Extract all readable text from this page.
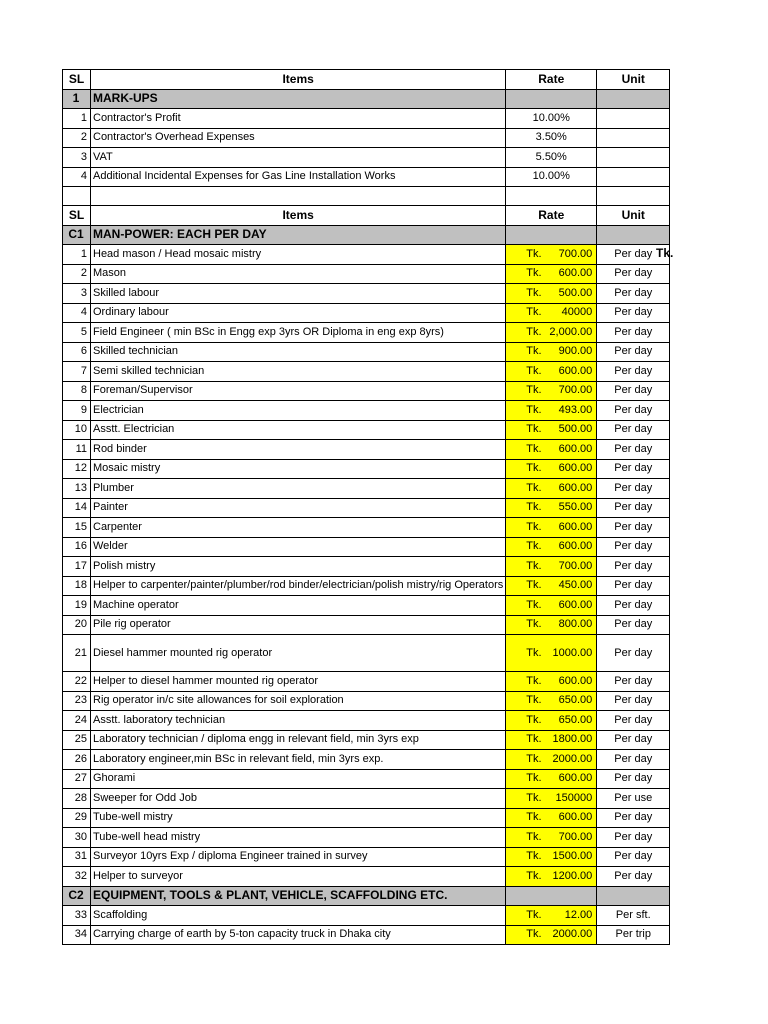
SL	Items	Rate	Unit
1	MARK-UPS		
1	Contractor's Profit	10.00%	
2	Contractor's Overhead Expenses	3.50%	
3	VAT	5.50%	
4	Additional Incidental Expenses for Gas Line Installation Works	10.00%	

SL	Items	Rate	Unit
C1	MAN-POWER: EACH PER DAY		
1	Head mason / Head mosaic mistry	Tk. 700.00	Per day
2	Mason	Tk. 600.00	Per day
3	Skilled labour	Tk. 500.00	Per day
4	Ordinary labour	Tk. 40000	Per day
5	Field Engineer ( min BSc in Engg exp 3yrs OR Diploma in eng exp 8yrs)	Tk. 2,000.00	Per day
6	Skilled technician	Tk. 900.00	Per day
7	Semi skilled technician	Tk. 600.00	Per day
8	Foreman/Supervisor	Tk. 700.00	Per day
9	Electrician	Tk. 493.00	Per day
10	Asstt. Electrician	Tk. 500.00	Per day
11	Rod binder	Tk. 600.00	Per day
12	Mosaic mistry	Tk. 600.00	Per day
13	Plumber	Tk. 600.00	Per day
14	Painter	Tk. 550.00	Per day
15	Carpenter	Tk. 600.00	Per day
16	Welder	Tk. 600.00	Per day
17	Polish mistry	Tk. 700.00	Per day
18	Helper to carpenter/painter/plumber/rod binder/electrician/polish mistry/rig Operators	Tk. 450.00	Per day
19	Machine operator	Tk. 600.00	Per day
20	Pile rig operator	Tk. 800.00	Per day
21	Diesel hammer mounted rig operator	Tk. 1000.00	Per day
22	Helper to diesel hammer mounted rig operator	Tk. 600.00	Per day
23	Rig operator in/c site allowances for soil exploration	Tk. 650.00	Per day
24	Asstt. laboratory technician	Tk. 650.00	Per day
25	Laboratory technician / diploma engg in relevant field, min 3yrs exp	Tk. 1800.00	Per day
26	Laboratory engineer,min BSc in relevant field, min 3yrs exp.	Tk. 2000.00	Per day
27	Ghorami	Tk. 600.00	Per day
28	Sweeper for Odd Job	Tk. 150000	Per use
29	Tube-well mistry	Tk. 600.00	Per day
30	Tube-well head mistry	Tk. 700.00	Per day
31	Surveyor 10yrs Exp / diploma Engineer trained in survey	Tk. 1500.00	Per day
32	Helper to surveyor	Tk. 1200.00	Per day
C2	EQUIPMENT, TOOLS & PLANT, VEHICLE, SCAFFOLDING ETC.		
33	Scaffolding	Tk. 12.00	Per sft.
34	Carrying charge of earth by 5-ton capacity truck in Dhaka city	Tk. 2000.00	Per trip
Tk.
